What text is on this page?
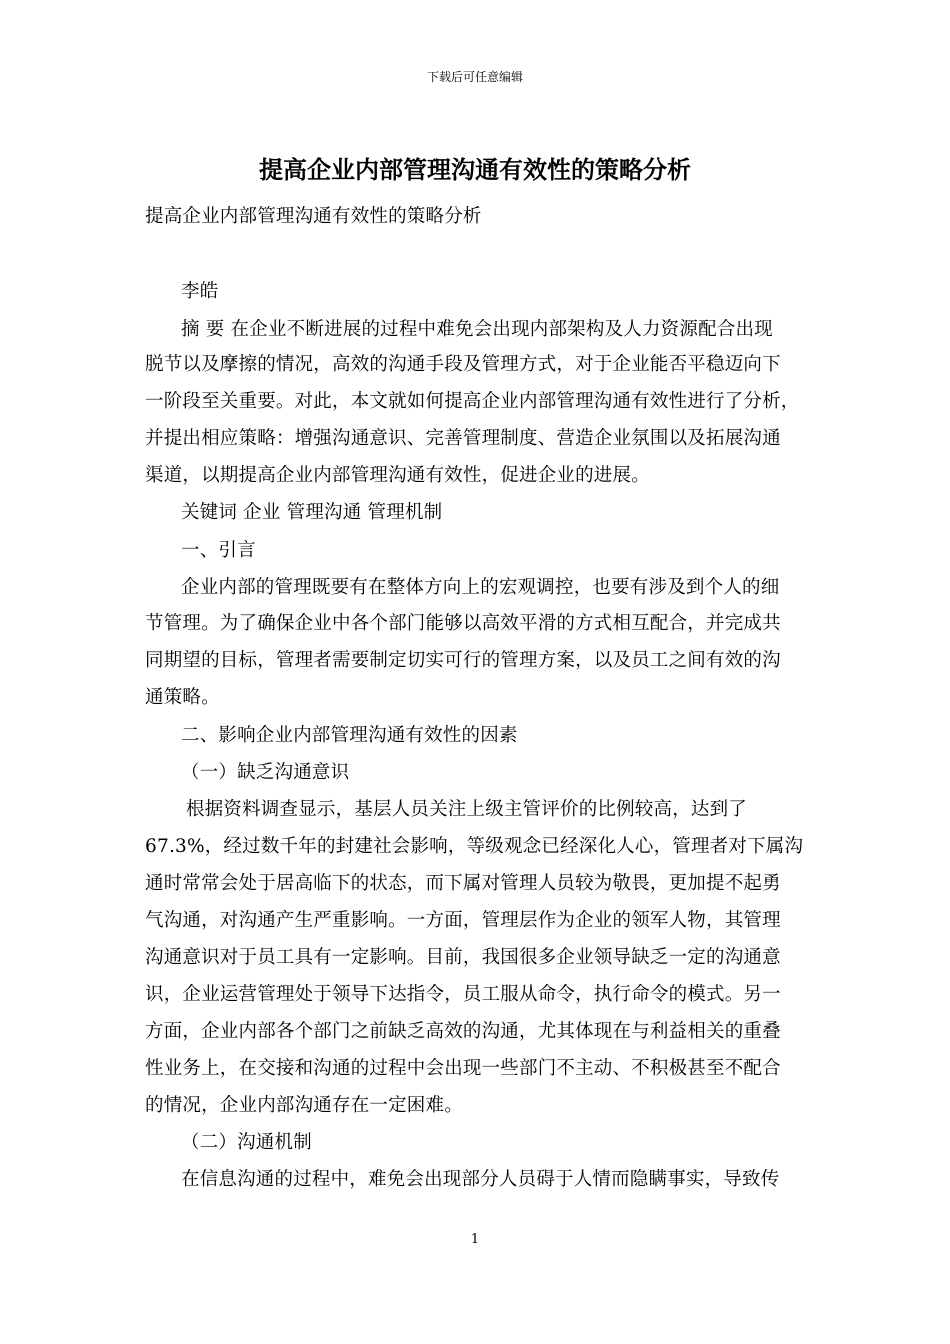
下载后可任意编辑
提高企业内部管理沟通有效性的策略分析
提高企业内部管理沟通有效性的策略分析
李皓
摘 要 在企业不断进展的过程中难免会出现内部架构及人力资源配合出现
脱节以及摩擦的情况，高效的沟通手段及管理方式，对于企业能否平稳迈向下
一阶段至关重要。对此，本文就如何提高企业内部管理沟通有效性进行了分析，
并提出相应策略：增强沟通意识、完善管理制度、营造企业氛围以及拓展沟通
渠道，以期提高企业内部管理沟通有效性，促进企业的进展。
关键词 企业 管理沟通 管理机制
一、引言
企业内部的管理既要有在整体方向上的宏观调控，也要有涉及到个人的细
节管理。为了确保企业中各个部门能够以高效平滑的方式相互配合，并完成共
同期望的目标，管理者需要制定切实可行的管理方案，以及员工之间有效的沟
通策略。
二、影响企业内部管理沟通有效性的因素
（一）缺乏沟通意识
根据资料调查显示，基层人员关注上级主管评价的比例较高，达到了
67.3%，经过数千年的封建社会影响，等级观念已经深化人心，管理者对下属沟
通时常常会处于居高临下的状态，而下属对管理人员较为敬畏，更加提不起勇
气沟通，对沟通产生严重影响。一方面，管理层作为企业的领军人物，其管理
沟通意识对于员工具有一定影响。目前，我国很多企业领导缺乏一定的沟通意
识，企业运营管理处于领导下达指令，员工服从命令，执行命令的模式。另一
方面，企业内部各个部门之前缺乏高效的沟通，尤其体现在与利益相关的重叠
性业务上，在交接和沟通的过程中会出现一些部门不主动、不积极甚至不配合
的情况，企业内部沟通存在一定困难。
（二）沟通机制
在信息沟通的过程中，难免会出现部分人员碍于人情而隐瞒事实，导致传
1
